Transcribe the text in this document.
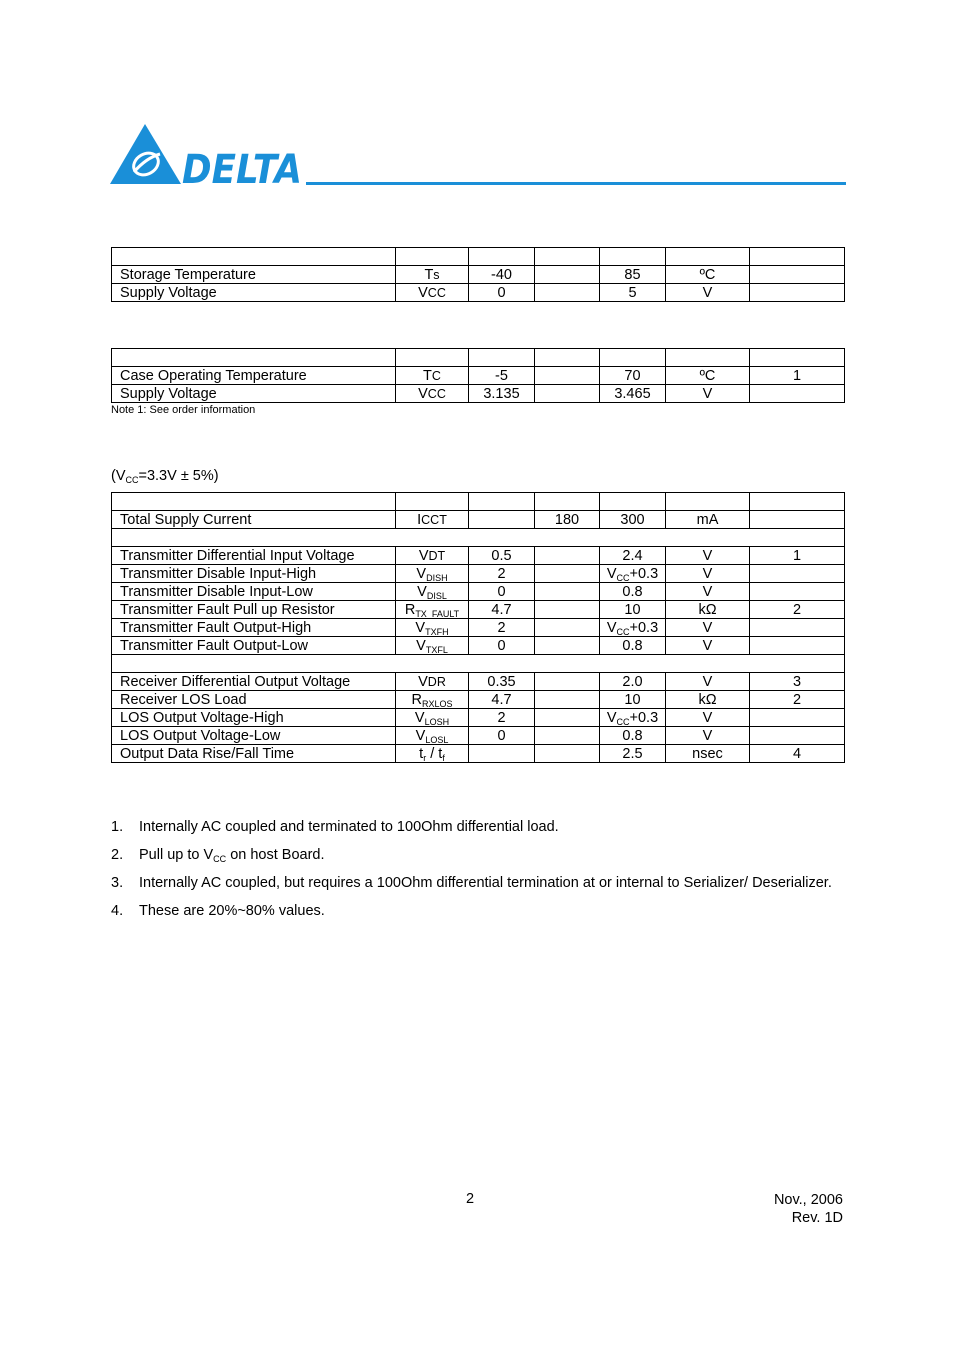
DELTA

Storage Temperature	Ts	-40		85	ºC	
Supply Voltage	VCC	0		5	V	

Case Operating Temperature	TC	-5		70	ºC	1
Supply Voltage	VCC	3.135		3.465	V	
Note 1: See order information
$(V_{CC}=3.3V \pm 5\%)$

Total Supply Current	ICCT		180	300	mA	

Transmitter Differential Input Voltage	VDT	0.5		2.4	V	1
Transmitter Disable Input-High	$V_{DISH}$	2		$V_{CC}+0.3$	V	
Transmitter Disable Input-Low	$V_{DISL}$	0		0.8	V	
Transmitter Fault Pull up Resistor	$R_{TX\_FAULT}$	4.7		10	kΩ	2
Transmitter Fault Output-High	$V_{TXFH}$	2		$V_{CC}+0.3$	V	
Transmitter Fault Output-Low	$V_{TXFL}$	0		0.8	V	

Receiver Differential Output Voltage	VDR	0.35		2.0	V	3
Receiver LOS Load	$R_{RXLOS}$	4.7		10	kΩ	2
LOS Output Voltage-High	$V_{LOSH}$	2		$V_{CC}+0.3$	V	
LOS Output Voltage-Low	$V_{LOSL}$	0		0.8	V	
Output Data Rise/Fall Time	$t_r / t_f$			2.5	nsec	4
1. Internally AC coupled and terminated to 100Ohm differential load.
2. Pull up to $V_{CC}$ on host Board.
3. Internally AC coupled, but requires a 100Ohm differential termination at or internal to Serializer/ Deserializer.
4. These are 20%~80% values.
2	Nov., 2006
Rev. 1D
